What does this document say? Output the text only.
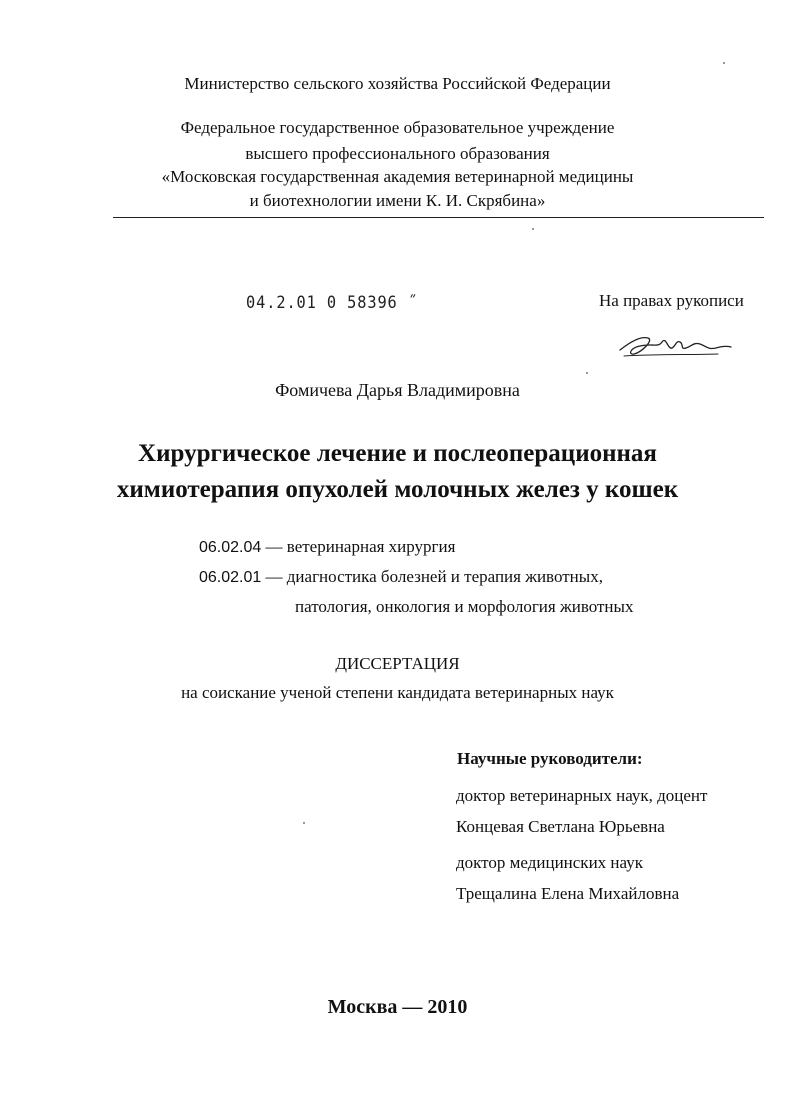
Министерство сельского хозяйства Российской Федерации
Федеральное государственное образовательное учреждение
высшего профессионального образования
«Московская государственная академия ветеринарной медицины
и биотехнологии имени К. И. Скрябина»
04.2.01 0 58396 ˝	На правах рукописи
Фомичева Дарья Владимировна
Хирургическое лечение и послеоперационная
химиотерапия опухолей молочных желез у кошек
06.02.04 — ветеринарная хирургия
06.02.01 — диагностика болезней и терапия животных,
патология, онкология и морфология животных
ДИССЕРТАЦИЯ
на соискание ученой степени кандидата ветеринарных наук
Научные руководители:
доктор ветеринарных наук, доцент
Концевая Светлана Юрьевна
доктор медицинских наук
Трещалина Елена Михайловна
Москва — 2010
